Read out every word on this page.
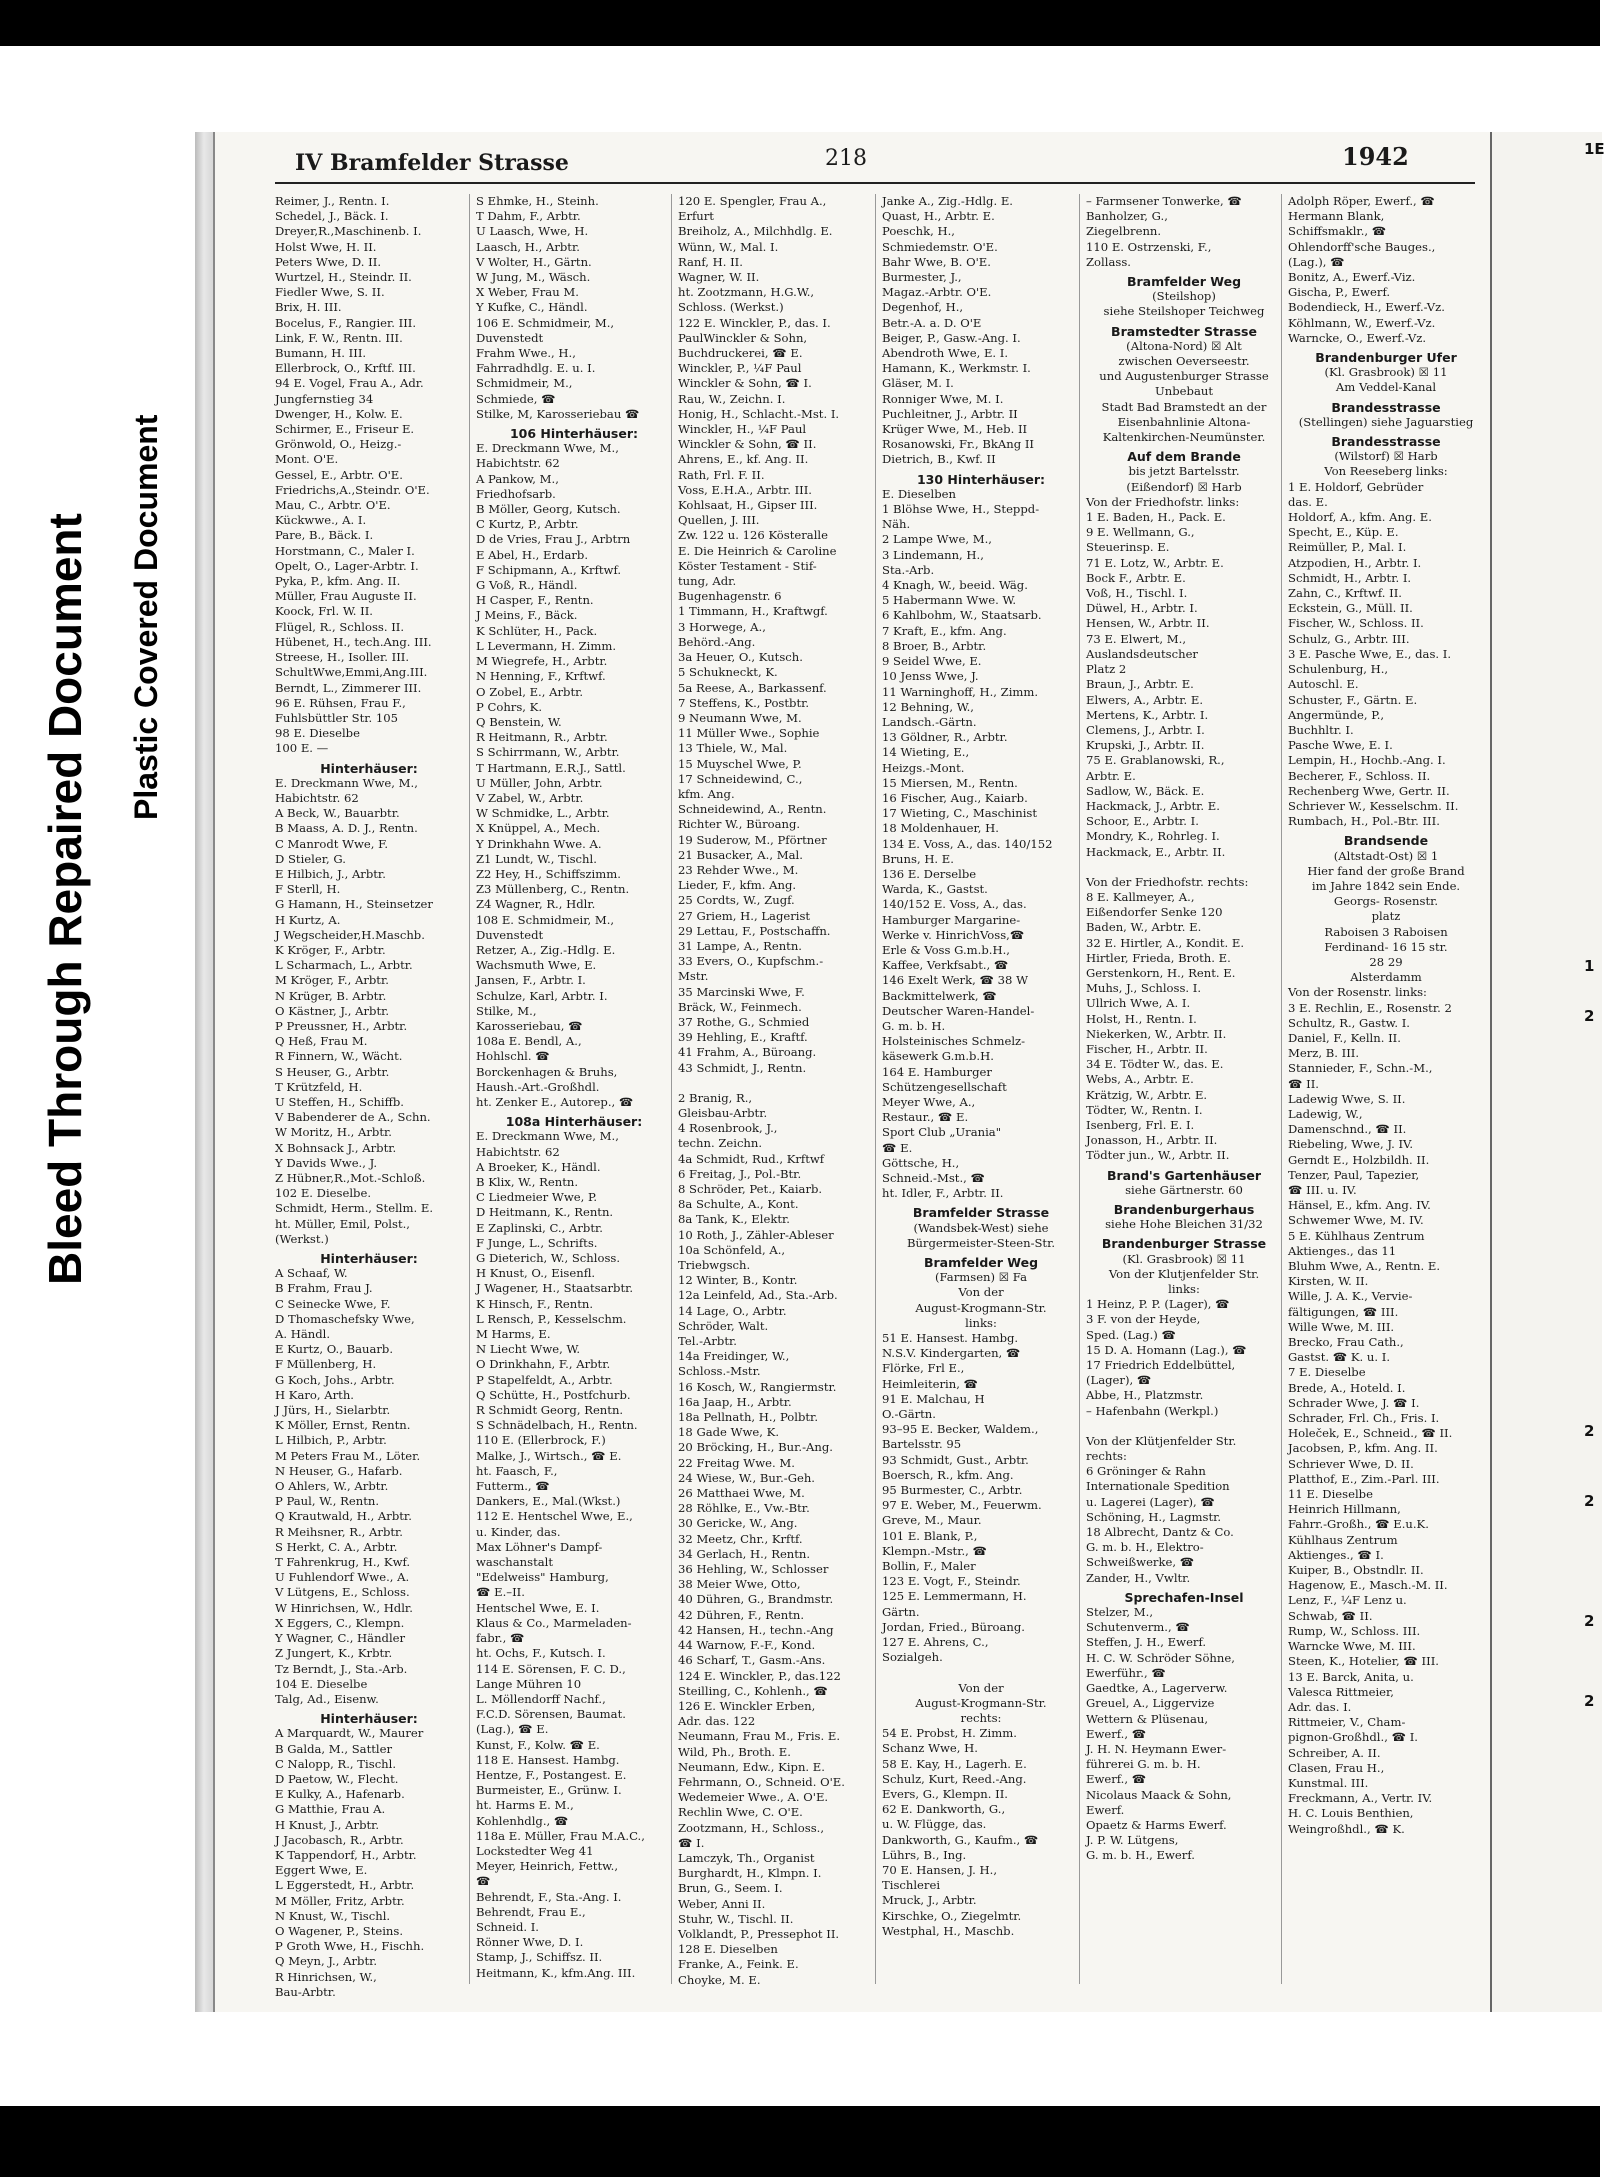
Bleed Through Repaired Document Plastic Covered Document
IV Bramfelder Strasse	218	1942
Reimer, J., Rentn. I.
Schedel, J., Bäck. I.
Dreyer,R.,Maschinenb. I.
Holst Wwe, H. II.
Peters Wwe, D. II.
Wurtzel, H., Steindr. II.
Fiedler Wwe, S. II.
Brix, H. III.
Bocelus, F., Rangier. III.
Link, F. W., Rentn. III.
Bumann, H. III.
Ellerbrock, O., Krftf. III.
94 E. Vogel, Frau A., Adr.
Jungfernstieg 34
Dwenger, H., Kolw. E.
Schirmer, E., Friseur E.
Grönwold, O., Heizg.-
Mont. O'E.
Gessel, E., Arbtr. O'E.
Friedrichs,A.,Steindr. O'E.
Mau, C., Arbtr. O'E.
Kückwwe., A. I.
Pare, B., Bäck. I.
Horstmann, C., Maler I.
Opelt, O., Lager-Arbtr. I.
Pyka, P., kfm. Ang. II.
Müller, Frau Auguste II.
Koock, Frl. W. II.
Flügel, R., Schloss. II.
Hübenet, H., tech.Ang. III.
Streese, H., Isoller. III.
SchultWwe,Emmi,Ang.III.
Berndt, L., Zimmerer III.
96 E. Rühsen, Frau F.,
Fuhlsbüttler Str. 105
98 E. Dieselbe
100 E. —
Hinterhäuser:
E. Dreckmann Wwe, M.,
Habichtstr. 62
A Beck, W., Bauarbtr.
B Maass, A. D. J., Rentn.
C Manrodt Wwe, F.
D Stieler, G.
E Hilbich, J., Arbtr.
F Sterll, H.
G Hamann, H., Steinsetzer
H Kurtz, A.
J Wegscheider,H.Maschb.
K Kröger, F., Arbtr.
L Scharmach, L., Arbtr.
M Kröger, F., Arbtr.
N Krüger, B. Arbtr.
O Kästner, J., Arbtr.
P Preussner, H., Arbtr.
Q Heß, Frau M.
R Finnern, W., Wächt.
S Heuser, G., Arbtr.
T Krützfeld, H.
U Steffen, H., Schiffb.
V Babenderer de A., Schn.
W Moritz, H., Arbtr.
X Bohnsack J., Arbtr.
Y Davids Wwe., J.
Z Hübner,R.,Mot.-Schloß.
102 E. Dieselbe.
Schmidt, Herm., Stellm. E.
ht. Müller, Emil, Polst.,
(Werkst.)
Hinterhäuser:
A Schaaf, W.
B Frahm, Frau J.
C Seinecke Wwe, F.
D Thomaschefsky Wwe,
A. Händl.
E Kurtz, O., Bauarb.
F Müllenberg, H.
G Koch, Johs., Arbtr.
H Karo, Arth.
J Jürs, H., Sielarbtr.
K Möller, Ernst, Rentn.
L Hilbich, P., Arbtr.
M Peters Frau M., Löter.
N Heuser, G., Hafarb.
O Ahlers, W., Arbtr.
P Paul, W., Rentn.
Q Krautwald, H., Arbtr.
R Meihsner, R., Arbtr.
S Herkt, C. A., Arbtr.
T Fahrenkrug, H., Kwf.
U Fuhlendorf Wwe., A.
V Lütgens, E., Schloss.
W Hinrichsen, W., Hdlr.
X Eggers, C., Klempn.
Y Wagner, C., Händler
Z Jungert, K., Krbtr.
Tz Berndt, J., Sta.-Arb.
104 E. Dieselbe
Talg, Ad., Eisenw.
Hinterhäuser:
A Marquardt, W., Maurer
B Galda, M., Sattler
C Nalopp, R., Tischl.
D Paetow, W., Flecht.
E Kulky, A., Hafenarb.
G Matthie, Frau A.
H Knust, J., Arbtr.
J Jacobasch, R., Arbtr.
K Tappendorf, H., Arbtr.
Eggert Wwe, E.
L Eggerstedt, H., Arbtr.
M Möller, Fritz, Arbtr.
N Knust, W., Tischl.
O Wagener, P., Steins.
P Groth Wwe, H., Fischh.
Q Meyn, J., Arbtr.
R Hinrichsen, W.,
Bau-Arbtr.
S Ehmke, H., Steinh.
T Dahm, F., Arbtr.
U Laasch, Wwe, H.
Laasch, H., Arbtr.
V Wolter, H., Gärtn.
W Jung, M., Wäsch.
X Weber, Frau M.
Y Kufke, C., Händl.
106 E. Schmidmeir, M.,
Duvenstedt
Frahm Wwe., H.,
Fahrradhdlg. E. u. I.
Schmidmeir, M.,
Schmiede, ☎
Stilke, M, Karosseriebau ☎
106 Hinterhäuser:
E. Dreckmann Wwe, M.,
Habichtstr. 62
A Pankow, M.,
Friedhofsarb.
B Möller, Georg, Kutsch.
C Kurtz, P., Arbtr.
D de Vries, Frau J., Arbtrn
E Abel, H., Erdarb.
F Schipmann, A., Krftwf.
G Voß, R., Händl.
H Casper, F., Rentn.
J Meins, F., Bäck.
K Schlüter, H., Pack.
L Levermann, H. Zimm.
M Wiegrefe, H., Arbtr.
N Henning, F., Krftwf.
O Zobel, E., Arbtr.
P Cohrs, K.
Q Benstein, W.
R Heitmann, R., Arbtr.
S Schirrmann, W., Arbtr.
T Hartmann, E.R.J., Sattl.
U Müller, John, Arbtr.
V Zabel, W., Arbtr.
W Schmidke, L., Arbtr.
X Knüppel, A., Mech.
Y Drinkhahn Wwe. A.
Z1 Lundt, W., Tischl.
Z2 Hey, H., Schiffszimm.
Z3 Müllenberg, C., Rentn.
Z4 Wagner, R., Hdlr.
108 E. Schmidmeir, M.,
Duvenstedt
Retzer, A., Zig.-Hdlg. E.
Wachsmuth Wwe, E.
Jansen, F., Arbtr. I.
Schulze, Karl, Arbtr. I.
Stilke, M.,
Karosseriebau, ☎
108a E. Bendl, A.,
Hohlschl. ☎
Borckenhagen & Bruhs,
Haush.-Art.-Großhdl.
ht. Zenker E., Autorep., ☎
108a Hinterhäuser:
E. Dreckmann Wwe, M.,
Habichtstr. 62
A Broeker, K., Händl.
B Klix, W., Rentn.
C Liedmeier Wwe, P.
D Heitmann, K., Rentn.
E Zaplinski, C., Arbtr.
F Junge, L., Schrifts.
G Dieterich, W., Schloss.
H Knust, O., Eisenfl.
J Wagener, H., Staatsarbtr.
K Hinsch, F., Rentn.
L Rensch, P., Kesselschm.
M Harms, E.
N Liecht Wwe, W.
O Drinkhahn, F., Arbtr.
P Stapelfeldt, A., Arbtr.
Q Schütte, H., Postfchurb.
R Schmidt Georg, Rentn.
S Schnädelbach, H., Rentn.
110 E. (Ellerbrock, F.)
Malke, J., Wirtsch., ☎ E.
ht. Faasch, F.,
Futterm., ☎
Dankers, E., Mal.(Wkst.)
112 E. Hentschel Wwe, E.,
u. Kinder, das.
Max Löhner's Dampf-
waschanstalt
"Edelweiss" Hamburg,
☎ E.–II.
Hentschel Wwe, E. I.
Klaus & Co., Marmeladen-
fabr., ☎
ht. Ochs, F., Kutsch. I.
114 E. Sörensen, F. C. D.,
Lange Mühren 10
L. Möllendorff Nachf.,
F.C.D. Sörensen, Baumat.
(Lag.), ☎ E.
Kunst, F., Kolw. ☎ E.
118 E. Hansest. Hambg.
Hentze, F., Postangest. E.
Burmeister, E., Grünw. I.
ht. Harms E. M.,
Kohlenhdlg., ☎
118a E. Müller, Frau M.A.C.,
Lockstedter Weg 41
Meyer, Heinrich, Fettw.,
☎
Behrendt, F., Sta.-Ang. I.
Behrendt, Frau E.,
Schneid. I.
Rönner Wwe, D. I.
Stamp, J., Schiffsz. II.
Heitmann, K., kfm.Ang. III.
120 E. Spengler, Frau A.,
Erfurt
Breiholz, A., Milchhdlg. E.
Wünn, W., Mal. I.
Ranf, H. II.
Wagner, W. II.
ht. Zootzmann, H.G.W.,
Schloss. (Werkst.)
122 E. Winckler, P., das. I.
PaulWinckler & Sohn,
Buchdruckerei, ☎ E.
Winckler, P., ¼F Paul
Winckler & Sohn, ☎ I.
Rau, W., Zeichn. I.
Honig, H., Schlacht.-Mst. I.
Winckler, H., ¼F Paul
Winckler & Sohn, ☎ II.
Ahrens, E., kf. Ang. II.
Rath, Frl. F. II.
Voss, E.H.A., Arbtr. III.
Kohlsaat, H., Gipser III.
Quellen, J. III.
Zw. 122 u. 126 Kösteralle
E. Die Heinrich & Caroline
Köster Testament - Stif-
tung, Adr.
Bugenhagenstr. 6
1 Timmann, H., Kraftwgf.
3 Horwege, A.,
Behörd.-Ang.
3a Heuer, O., Kutsch.
5 Schukneckt, K.
5a Reese, A., Barkassenf.
7 Steffens, K., Postbtr.
9 Neumann Wwe, M.
11 Müller Wwe., Sophie
13 Thiele, W., Mal.
15 Muyschel Wwe, P.
17 Schneidewind, C.,
kfm. Ang.
Schneidewind, A., Rentn.
Richter W., Büroang.
19 Suderow, M., Pförtner
21 Busacker, A., Mal.
23 Rehder Wwe., M.
Lieder, F., kfm. Ang.
25 Cordts, W., Zugf.
27 Griem, H., Lagerist
29 Lettau, F., Postschaffn.
31 Lampe, A., Rentn.
33 Evers, O., Kupfschm.-
Mstr.
35 Marcinski Wwe, F.
Bräck, W., Feinmech.
37 Rothe, G., Schmied
39 Hehling, E., Kraftf.
41 Frahm, A., Büroang.
43 Schmidt, J., Rentn.
2 Branig, R.,
Gleisbau-Arbtr.
4 Rosenbrook, J.,
techn. Zeichn.
4a Schmidt, Rud., Krftwf
6 Freitag, J., Pol.-Btr.
8 Schröder, Pet., Kaiarb.
8a Schulte, A., Kont.
8a Tank, K., Elektr.
10 Roth, J., Zähler-Ableser
10a Schönfeld, A.,
Triebwgsch.
12 Winter, B., Kontr.
12a Leinfeld, Ad., Sta.-Arb.
14 Lage, O., Arbtr.
Schröder, Walt.
Tel.-Arbtr.
14a Freidinger, W.,
Schloss.-Mstr.
16 Kosch, W., Rangiermstr.
16a Jaap, H., Arbtr.
18a Pellnath, H., Polbtr.
18 Gade Wwe, K.
20 Bröcking, H., Bur.-Ang.
22 Freitag Wwe. M.
24 Wiese, W., Bur.-Geh.
26 Matthaei Wwe, M.
28 Röhlke, E., Vw.-Btr.
30 Gericke, W., Ang.
32 Meetz, Chr., Krftf.
34 Gerlach, H., Rentn.
36 Hehling, W., Schlosser
38 Meier Wwe, Otto,
40 Dühren, G., Brandmstr.
42 Dühren, F., Rentn.
42 Hansen, H., techn.-Ang
44 Warnow, F.-F., Kond.
46 Scharf, T., Gasm.-Ans.
124 E. Winckler, P., das.122
Steilling, C., Kohlenh., ☎
126 E. Winckler Erben,
Adr. das. 122
Neumann, Frau M., Fris. E.
Wild, Ph., Broth. E.
Neumann, Edw., Kipn. E.
Fehrmann, O., Schneid. O'E.
Wedemeier Wwe., A. O'E.
Rechlin Wwe, C. O'E.
Zootzmann, H., Schloss.,
☎ I.
Lamczyk, Th., Organist
Burghardt, H., Klmpn. I.
Brun, G., Seem. I.
Weber, Anni II.
Stuhr, W., Tischl. II.
Volklandt, P., Pressephot II.
128 E. Dieselben
Franke, A., Feink. E.
Choyke, M. E.
Janke A., Zig.-Hdlg. E.
Quast, H., Arbtr. E.
Poeschk, H.,
Schmiedemstr. O'E.
Bahr Wwe, B. O'E.
Burmester, J.,
Magaz.-Arbtr. O'E.
Degenhof, H.,
Betr.-A. a. D. O'E
Beiger, P., Gasw.-Ang. I.
Abendroth Wwe, E. I.
Hamann, K., Werkmstr. I.
Gläser, M. I.
Ronniger Wwe, M. I.
Puchleitner, J., Arbtr. II
Krüger Wwe, M., Heb. II
Rosanowski, Fr., BkAng II
Dietrich, B., Kwf. II
130 Hinterhäuser:
E. Dieselben
1 Blöhse Wwe, H., Steppd-
Näh.
2 Lampe Wwe, M.,
3 Lindemann, H.,
Sta.-Arb.
4 Knagh, W., beeid. Wäg.
5 Habermann Wwe. W.
6 Kahlbohm, W., Staatsarb.
7 Kraft, E., kfm. Ang.
8 Broer, B., Arbtr.
9 Seidel Wwe, E.
10 Jenss Wwe, J.
11 Warninghoff, H., Zimm.
12 Behning, W.,
Landsch.-Gärtn.
13 Göldner, R., Arbtr.
14 Wieting, E.,
Heizgs.-Mont.
15 Miersen, M., Rentn.
16 Fischer, Aug., Kaiarb.
17 Wieting, C., Maschinist
18 Moldenhauer, H.
134 E. Voss, A., das. 140/152
Bruns, H. E.
136 E. Derselbe
Warda, K., Gastst.
140/152 E. Voss, A., das.
Hamburger Margarine-
Werke v. HinrichVoss,☎
Erle & Voss G.m.b.H.,
Kaffee, Verkfsabt., ☎
146 Exelt Werk, ☎ 38 W
Backmittelwerk, ☎
Deutscher Waren-Handel-
G. m. b. H.
Holsteinisches Schmelz-
käsewerk G.m.b.H.
164 E. Hamburger
Schützengesellschaft
Meyer Wwe, A.,
Restaur., ☎ E.
Sport Club „Urania"
☎ E.
Göttsche, H.,
Schneid.-Mst., ☎
ht. Idler, F., Arbtr. II.
Bramfelder Strasse
(Wandsbek-West) siehe
Bürgermeister-Steen-Str.
Bramfelder Weg
(Farmsen) ☒ Fa
Von der
August-Krogmann-Str.
links:
51 E. Hansest. Hambg.
N.S.V. Kindergarten, ☎
Flörke, Frl E.,
Heimleiterin, ☎
91 E. Malchau, H
O.-Gärtn.
93–95 E. Becker, Waldem.,
Bartelsstr. 95
93 Schmidt, Gust., Arbtr.
Boersch, R., kfm. Ang.
95 Burmester, C., Arbtr.
97 E. Weber, M., Feuerwm.
Greve, M., Maur.
101 E. Blank, P.,
Klempn.-Mstr., ☎
Bollin, F., Maler
123 E. Vogt, F., Steindr.
125 E. Lemmermann, H.
Gärtn.
Jordan, Fried., Büroang.
127 E. Ahrens, C.,
Sozialgeh.
Von der
August-Krogmann-Str.
rechts:
54 E. Probst, H. Zimm.
Schanz Wwe, H.
58 E. Kay, H., Lagerh. E.
Schulz, Kurt, Reed.-Ang.
Evers, G., Klempn. II.
62 E. Dankworth, G.,
u. W. Flügge, das.
Dankworth, G., Kaufm., ☎
Lührs, B., Ing.
70 E. Hansen, J. H.,
Tischlerei
Mruck, J., Arbtr.
Kirschke, O., Ziegelmtr.
Westphal, H., Maschb.
– Farmsener Tonwerke, ☎
Banholzer, G.,
Ziegelbrenn.
110 E. Ostrzenski, F.,
Zollass.
Bramfelder Weg
(Steilshop)
siehe Steilshoper Teichweg
Bramstedter Strasse
(Altona-Nord) ☒ Alt
zwischen Oeverseestr.
und Augustenburger Strasse
Unbebaut
Stadt Bad Bramstedt an der
Eisenbahnlinie Altona-
Kaltenkirchen-Neumünster.
Auf dem Brande
bis jetzt Bartelsstr.
(Eißendorf) ☒ Harb
Von der Friedhofstr. links:
1 E. Baden, H., Pack. E.
9 E. Wellmann, G.,
Steuerinsp. E.
71 E. Lotz, W., Arbtr. E.
Bock F., Arbtr. E.
Voß, H., Tischl. I.
Düwel, H., Arbtr. I.
Hensen, W., Arbtr. II.
73 E. Elwert, M.,
Auslandsdeutscher
Platz 2
Braun, J., Arbtr. E.
Elwers, A., Arbtr. E.
Mertens, K., Arbtr. I.
Clemens, J., Arbtr. I.
Krupski, J., Arbtr. II.
75 E. Grablanowski, R.,
Arbtr. E.
Sadlow, W., Bäck. E.
Hackmack, J., Arbtr. E.
Schoor, E., Arbtr. I.
Mondry, K., Rohrleg. I.
Hackmack, E., Arbtr. II.
Von der Friedhofstr. rechts:
8 E. Kallmeyer, A.,
Eißendorfer Senke 120
Baden, W., Arbtr. E.
32 E. Hirtler, A., Kondit. E.
Hirtler, Frieda, Broth. E.
Gerstenkorn, H., Rent. E.
Muhs, J., Schloss. I.
Ullrich Wwe, A. I.
Holst, H., Rentn. I.
Niekerken, W., Arbtr. II.
Fischer, H., Arbtr. II.
34 E. Tödter W., das. E.
Webs, A., Arbtr. E.
Krätzig, W., Arbtr. E.
Tödter, W., Rentn. I.
Isenberg, Frl. E. I.
Jonasson, H., Arbtr. II.
Tödter jun., W., Arbtr. II.
Brand's Gartenhäuser
siehe Gärtnerstr. 60
Brandenburgerhaus
siehe Hohe Bleichen 31/32
Brandenburger Strasse
(Kl. Grasbrook) ☒ 11
Von der Klutjenfelder Str.
links:
1 Heinz, P. P. (Lager), ☎
3 F. von der Heyde,
Sped. (Lag.) ☎
15 D. A. Homann (Lag.), ☎
17 Friedrich Eddelbüttel,
(Lager), ☎
Abbe, H., Platzmstr.
– Hafenbahn (Werkpl.)
Von der Klütjenfelder Str.
rechts:
6 Gröninger & Rahn
Internationale Spedition
u. Lagerei (Lager), ☎
Schöning, H., Lagmstr.
18 Albrecht, Dantz & Co.
G. m. b. H., Elektro-
Schweißwerke, ☎
Zander, H., Vwltr.
Sprechafen-Insel
Stelzer, M.,
Schutenverm., ☎
Steffen, J. H., Ewerf.
H. C. W. Schröder Söhne,
Ewerführ., ☎
Gaedtke, A., Lagerverw.
Greuel, A., Liggervize
Wettern & Plüsenau,
Ewerf., ☎
J. H. N. Heymann Ewer-
führerei G. m. b. H.
Ewerf., ☎
Nicolaus Maack & Sohn,
Ewerf.
Opaetz & Harms Ewerf.
J. P. W. Lütgens,
G. m. b. H., Ewerf.
Adolph Röper, Ewerf., ☎
Hermann Blank,
Schiffsmaklr., ☎
Ohlendorff'sche Bauges.,
(Lag.), ☎
Bonitz, A., Ewerf.-Viz.
Gischa, P., Ewerf.
Bodendieck, H., Ewerf.-Vz.
Köhlmann, W., Ewerf.-Vz.
Warncke, O., Ewerf.-Vz.
Brandenburger Ufer
(Kl. Grasbrook) ☒ 11
Am Veddel-Kanal
Brandesstrasse
(Stellingen) siehe Jaguarstieg
Brandesstrasse
(Wilstorf) ☒ Harb
Von Reeseberg links:
1 E. Holdorf, Gebrüder
das. E.
Holdorf, A., kfm. Ang. E.
Specht, E., Küp. E.
Reimüller, P., Mal. I.
Atzpodien, H., Arbtr. I.
Schmidt, H., Arbtr. I.
Zahn, C., Krftwf. II.
Eckstein, G., Müll. II.
Fischer, W., Schloss. II.
Schulz, G., Arbtr. III.
3 E. Pasche Wwe, E., das. I.
Schulenburg, H.,
Autoschl. E.
Schuster, F., Gärtn. E.
Angermünde, P.,
Buchhltr. I.
Pasche Wwe, E. I.
Lempin, H., Hochb.-Ang. I.
Becherer, F., Schloss. II.
Rechenberg Wwe, Gertr. II.
Schriever W., Kesselschm. II.
Rumbach, H., Pol.-Btr. III.
Brandsende
(Altstadt-Ost) ☒ 1
Hier fand der große Brand
im Jahre 1842 sein Ende.
Georgs- Rosenstr.
platz
Raboisen 3 Raboisen
Ferdinand- 16 15 str.
28 29
Alsterdamm
Von der Rosenstr. links:
3 E. Rechlin, E., Rosenstr. 2
Schultz, R., Gastw. I.
Daniel, F., Kelln. II.
Merz, B. III.
Stannieder, F., Schn.-M.,
☎ II.
Ladewig Wwe, S. II.
Ladewig, W.,
Damenschnd., ☎ II.
Riebeling, Wwe, J. IV.
Gerndt E., Holzbildh. II.
Tenzer, Paul, Tapezier,
☎ III. u. IV.
Hänsel, E., kfm. Ang. IV.
Schwemer Wwe, M. IV.
5 E. Kühlhaus Zentrum
Aktienges., das 11
Bluhm Wwe, A., Rentn. E.
Kirsten, W. II.
Wille, J. A. K., Vervie-
fältigungen, ☎ III.
Wille Wwe, M. III.
Brecko, Frau Cath.,
Gastst. ☎ K. u. I.
7 E. Dieselbe
Brede, A., Hoteld. I.
Schrader Wwe, J. ☎ I.
Schrader, Frl. Ch., Fris. I.
Holeček, E., Schneid., ☎ II.
Jacobsen, P., kfm. Ang. II.
Schriever Wwe, D. II.
Platthof, E., Zim.-Parl. III.
11 E. Dieselbe
Heinrich Hillmann,
Fahrr.-Großh., ☎ E.u.K.
Kühlhaus Zentrum
Aktienges., ☎ I.
Kuiper, B., Obstndlr. II.
Hagenow, E., Masch.-M. II.
Lenz, F., ¼F Lenz u.
Schwab, ☎ II.
Rump, W., Schloss. III.
Warncke Wwe, M. III.
Steen, K., Hotelier, ☎ III.
13 E. Barck, Anita, u.
Valesca Rittmeier,
Adr. das. I.
Rittmeier, V., Cham-
pignon-Großhdl., ☎ I.
Schreiber, A. II.
Clasen, Frau H.,
Kunstmal. III.
Freckmann, A., Vertr. IV.
H. C. Louis Benthien,
Weingroßhdl., ☎ K.
1E
1
2
2
2
2
2
